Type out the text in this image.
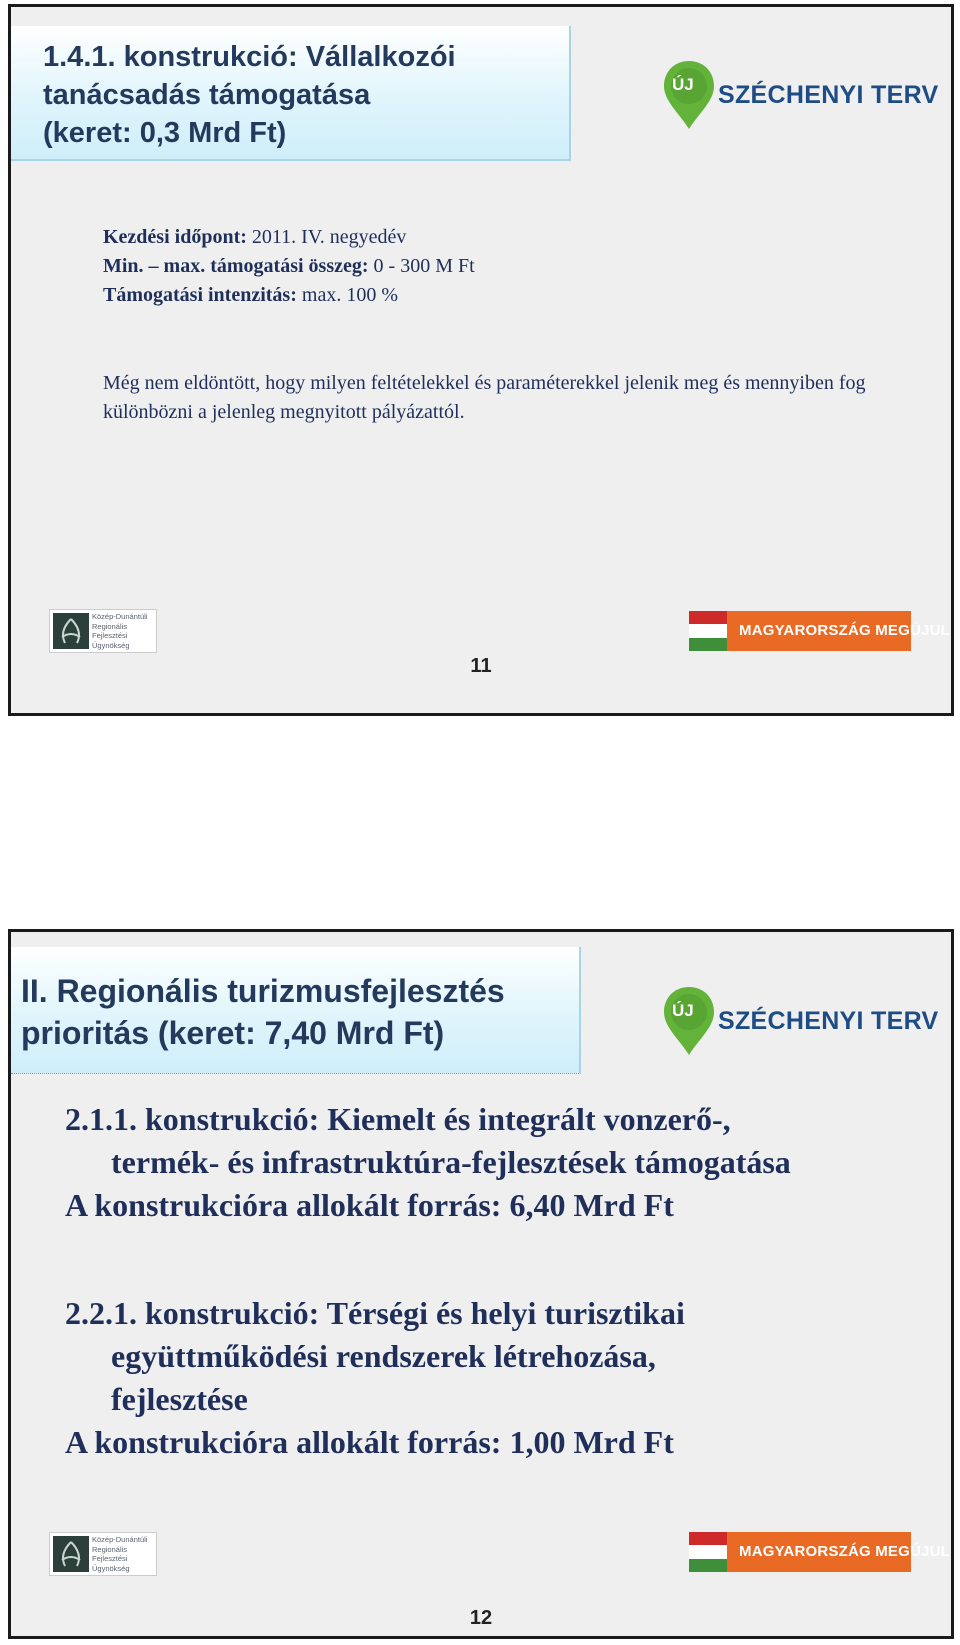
1.4.1. konstrukció: Vállalkozói
tanácsadás támogatása
(keret: 0,3 Mrd Ft)
ÚJ SZÉCHENYI TERV
Kezdési időpont: 2011. IV. negyedév
Min. – max. támogatási összeg: 0 - 300 M Ft
Támogatási intenzitás: max. 100 %
Még nem eldöntött, hogy milyen feltételekkel és paraméterekkel jelenik meg és mennyiben fog különbözni a jelenleg megnyitott pályázattól.
Közép-Dunántúli
Regionális
Fejlesztési
Ügynökség
MAGYARORSZÁG MEGÚJUL
11
II. Regionális turizmusfejlesztés
prioritás (keret: 7,40 Mrd Ft)
ÚJ SZÉCHENYI TERV
2.1.1. konstrukció: Kiemelt és integrált vonzerő-,
termék- és infrastruktúra-fejlesztések támogatása
A konstrukcióra allokált forrás: 6,40 Mrd Ft
2.2.1. konstrukció: Térségi és helyi turisztikai
együttműködési rendszerek létrehozása,
fejlesztése
A konstrukcióra allokált forrás: 1,00 Mrd Ft
Közép-Dunántúli
Regionális
Fejlesztési
Ügynökség
MAGYARORSZÁG MEGÚJUL
12
